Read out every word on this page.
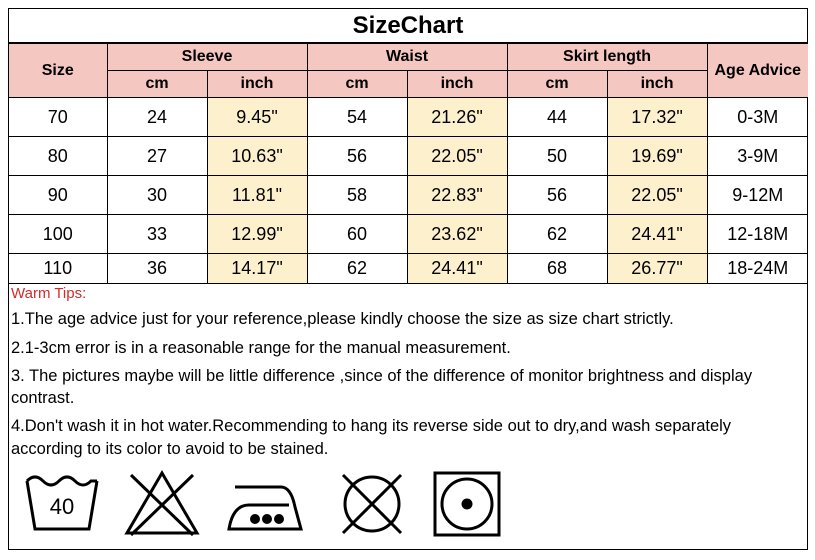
SizeChart
Size	Sleeve		Waist		Skirt length		Age Advice
	cm	inch	cm	inch	cm	inch	
70	24	9.45"	54	21.26"	44	17.32"	0-3M
80	27	10.63"	56	22.05"	50	19.69"	3-9M
90	30	11.81"	58	22.83"	56	22.05"	9-12M
100	33	12.99"	60	23.62"	62	24.41"	12-18M
110	36	14.17"	62	24.41"	68	26.77"	18-24M
Warm Tips:

1.The age advice just for your reference,please kindly choose the size as size chart strictly.

2.1-3cm error is in a reasonable range for the manual measurement.

3. The pictures maybe will be little difference ,since of the difference of monitor brightness and display contrast.

4.Don't wash it in hot water.Recommending to hang its reverse side out to dry,and wash separately according to its color to avoid to be stained.

40
